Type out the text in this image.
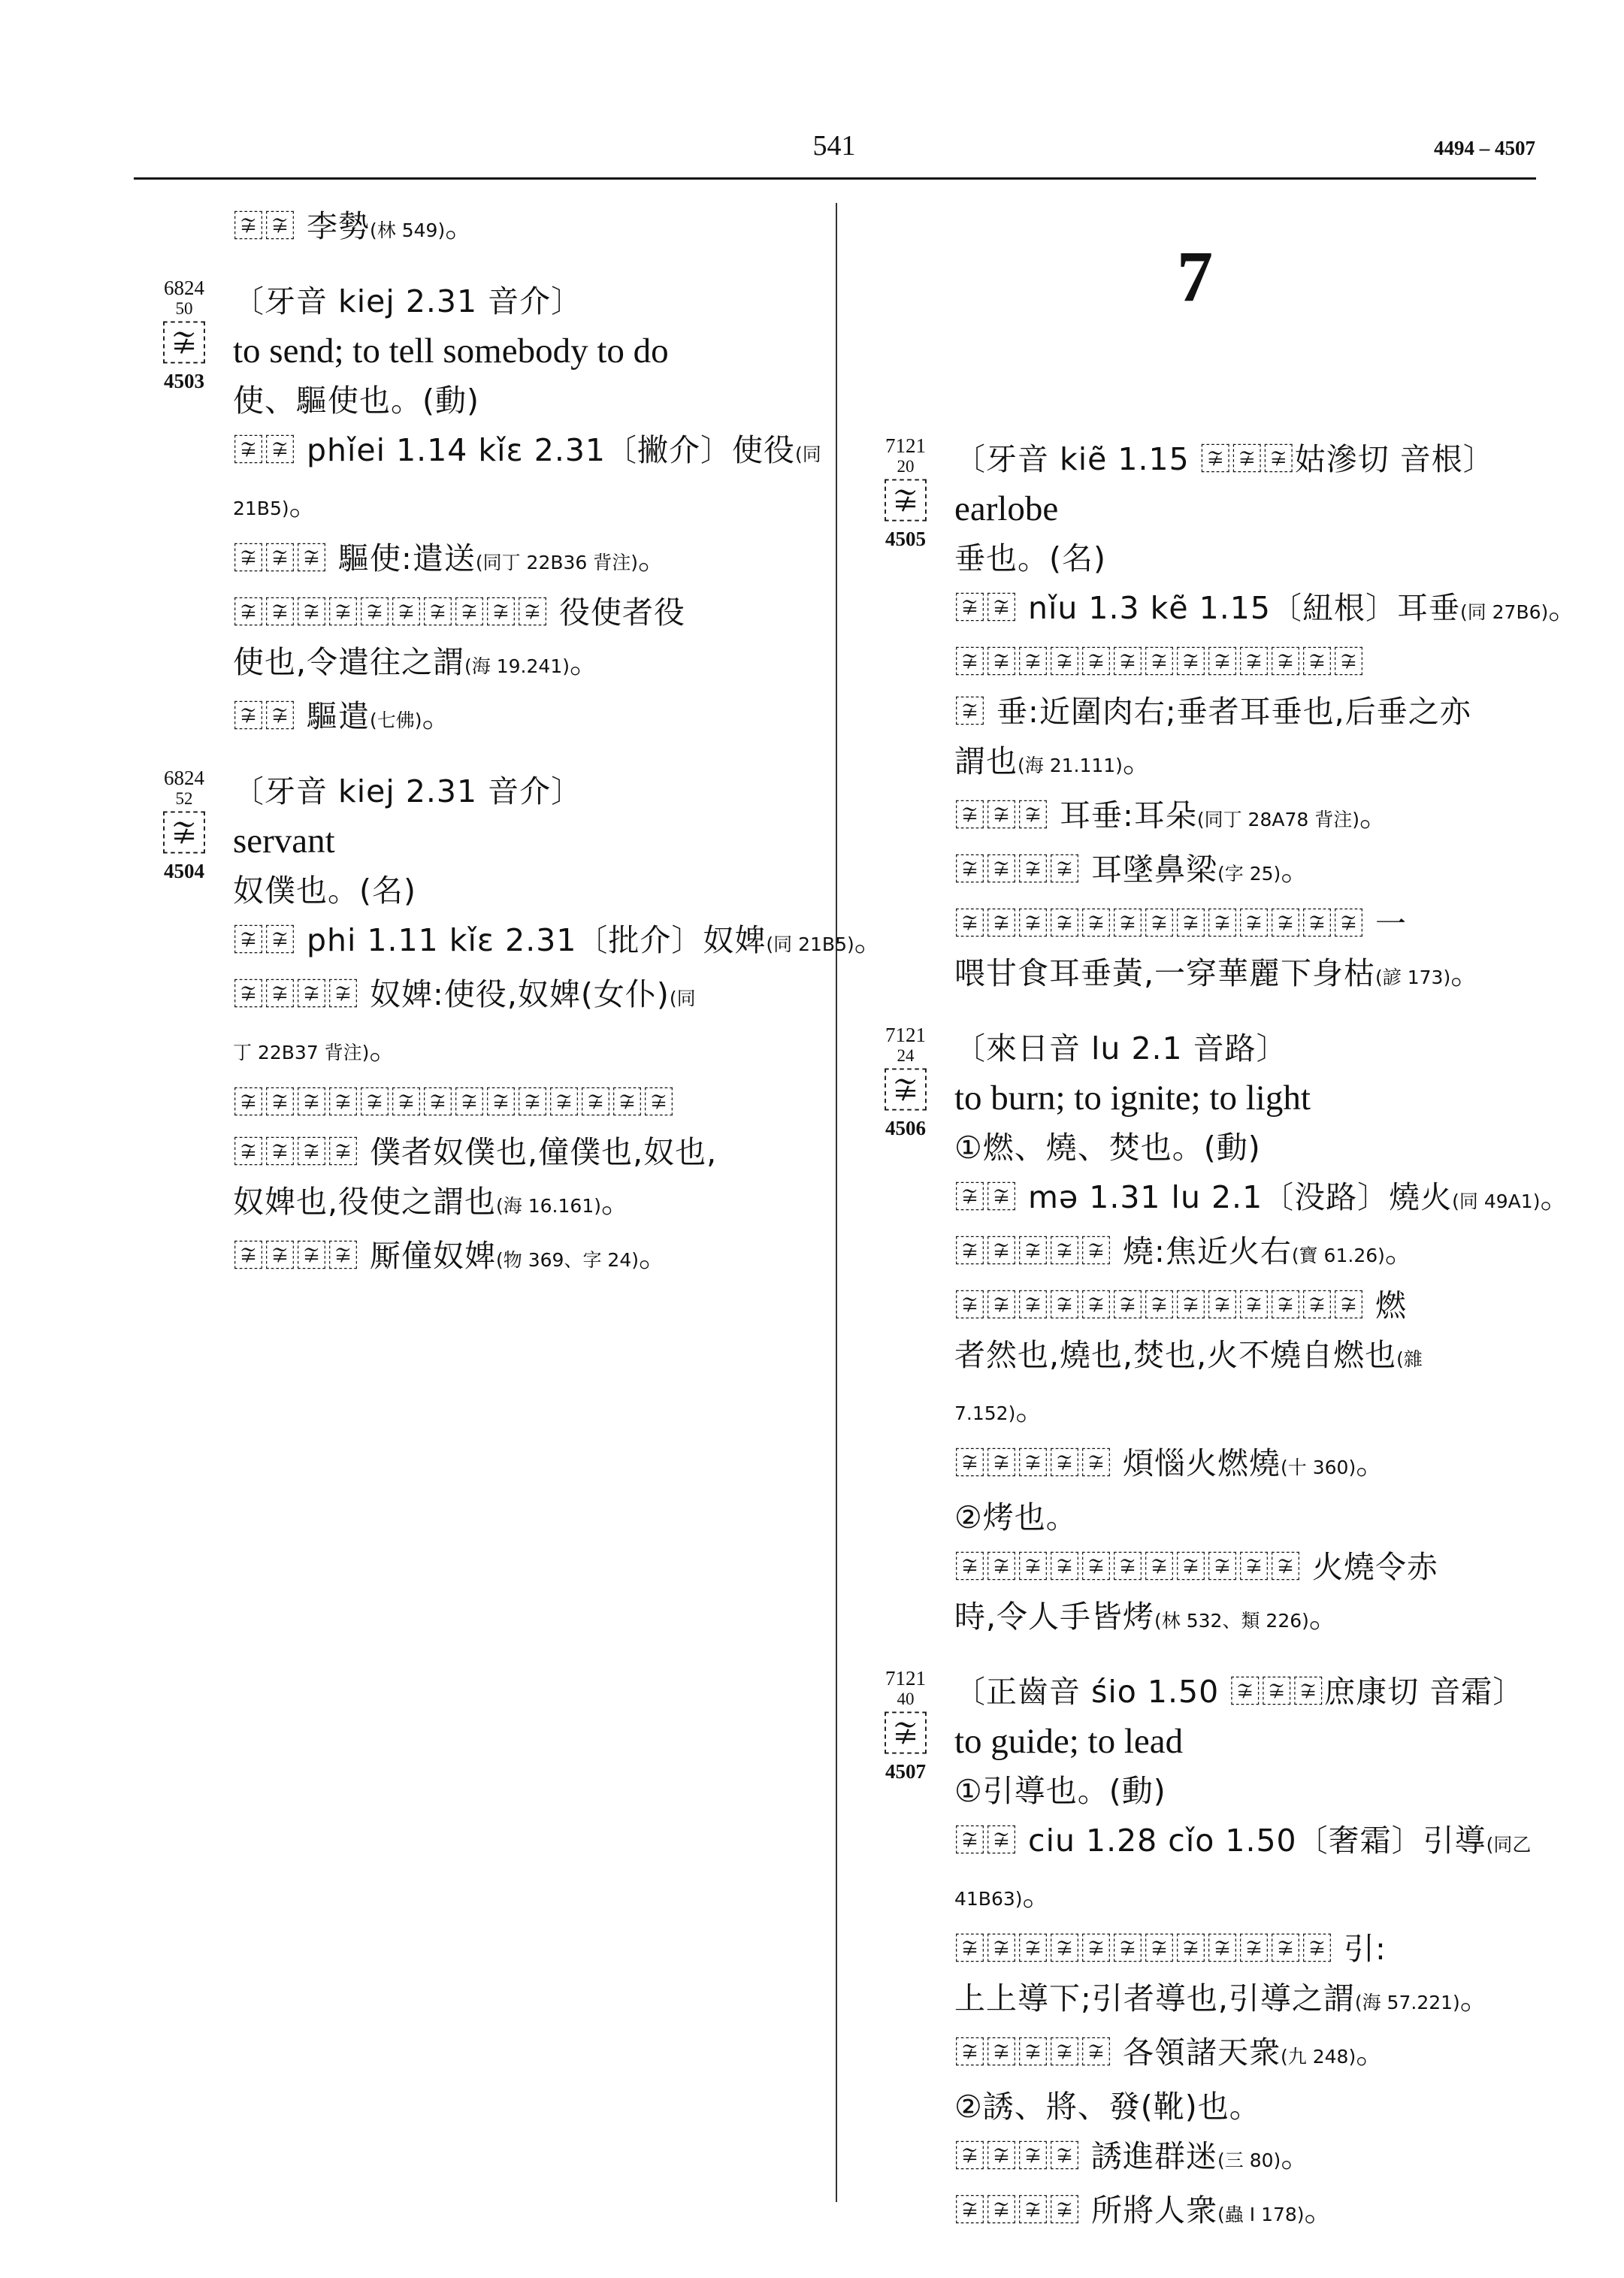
541	4494 – 4507
〾〾 李勢(林 549)。
6824
50
〾
4503
〔牙音 kiej 2.31 音介〕
to send; to tell somebody to do
使、驅使也。(動)
〾〾 phǐei 1.14 kǐɛ 2.31〔撇介〕使役(同
21B5)。
〾〾〾 驅使:遣送(同丁 22B36 背注)。
〾〾〾〾〾〾〾〾〾〾 役使者役
使也,令遣往之謂(海 19.241)。
〾〾 驅遣(七佛)。
6824
52
〾
4504
〔牙音 kiej 2.31 音介〕
servant
奴僕也。(名)
〾〾 phi 1.11 kǐɛ 2.31〔批介〕奴婢(同 21B5)。
〾〾〾〾 奴婢:使役,奴婢(女仆)(同
丁 22B37 背注)。
〾〾〾〾〾〾〾〾〾〾〾〾〾〾
〾〾〾〾 僕者奴僕也,僮僕也,奴也,
奴婢也,役使之謂也(海 16.161)。
〾〾〾〾 厮僮奴婢(物 369、字 24)。
7
7121
20
〾
4505
〔牙音 kiẽ 1.15 〾〾〾姑滲切 音根〕
earlobe
垂也。(名)
〾〾 nǐu 1.3 kẽ 1.15〔紐根〕耳垂(同 27B6)。
〾〾〾〾〾〾〾〾〾〾〾〾〾
〾 垂:近圍肉右;垂者耳垂也,后垂之亦
謂也(海 21.111)。
〾〾〾 耳垂:耳朵(同丁 28A78 背注)。
〾〾〾〾 耳墜鼻梁(字 25)。
〾〾〾〾〾〾〾〾〾〾〾〾〾 一
喂甘食耳垂黃,一穿華麗下身枯(諺 173)。
7121
24
〾
4506
〔來日音 lu 2.1 音路〕
to burn; to ignite; to light
①燃、燒、焚也。(動)
〾〾 mə 1.31 lu 2.1〔没路〕燒火(同 49A1)。
〾〾〾〾〾 燒:焦近火右(寶 61.26)。
〾〾〾〾〾〾〾〾〾〾〾〾〾 燃
者然也,燒也,焚也,火不燒自燃也(雜
7.152)。
〾〾〾〾〾 煩惱火燃燒(十 360)。
②烤也。
〾〾〾〾〾〾〾〾〾〾〾 火燒令赤
時,令人手皆烤(林 532、類 226)。
7121
40
〾
4507
〔正齒音 śio 1.50 〾〾〾庶康切 音霜〕
to guide; to lead
①引導也。(動)
〾〾 ciu 1.28 cǐo 1.50〔奢霜〕引導(同乙
41B63)。
〾〾〾〾〾〾〾〾〾〾〾〾 引:
上上導下;引者導也,引導之謂(海 57.221)。
〾〾〾〾〾 各領諸天衆(九 248)。
②誘、將、發(靴)也。
〾〾〾〾 誘進群迷(三 80)。
〾〾〾〾 所將人衆(蟲 I 178)。
